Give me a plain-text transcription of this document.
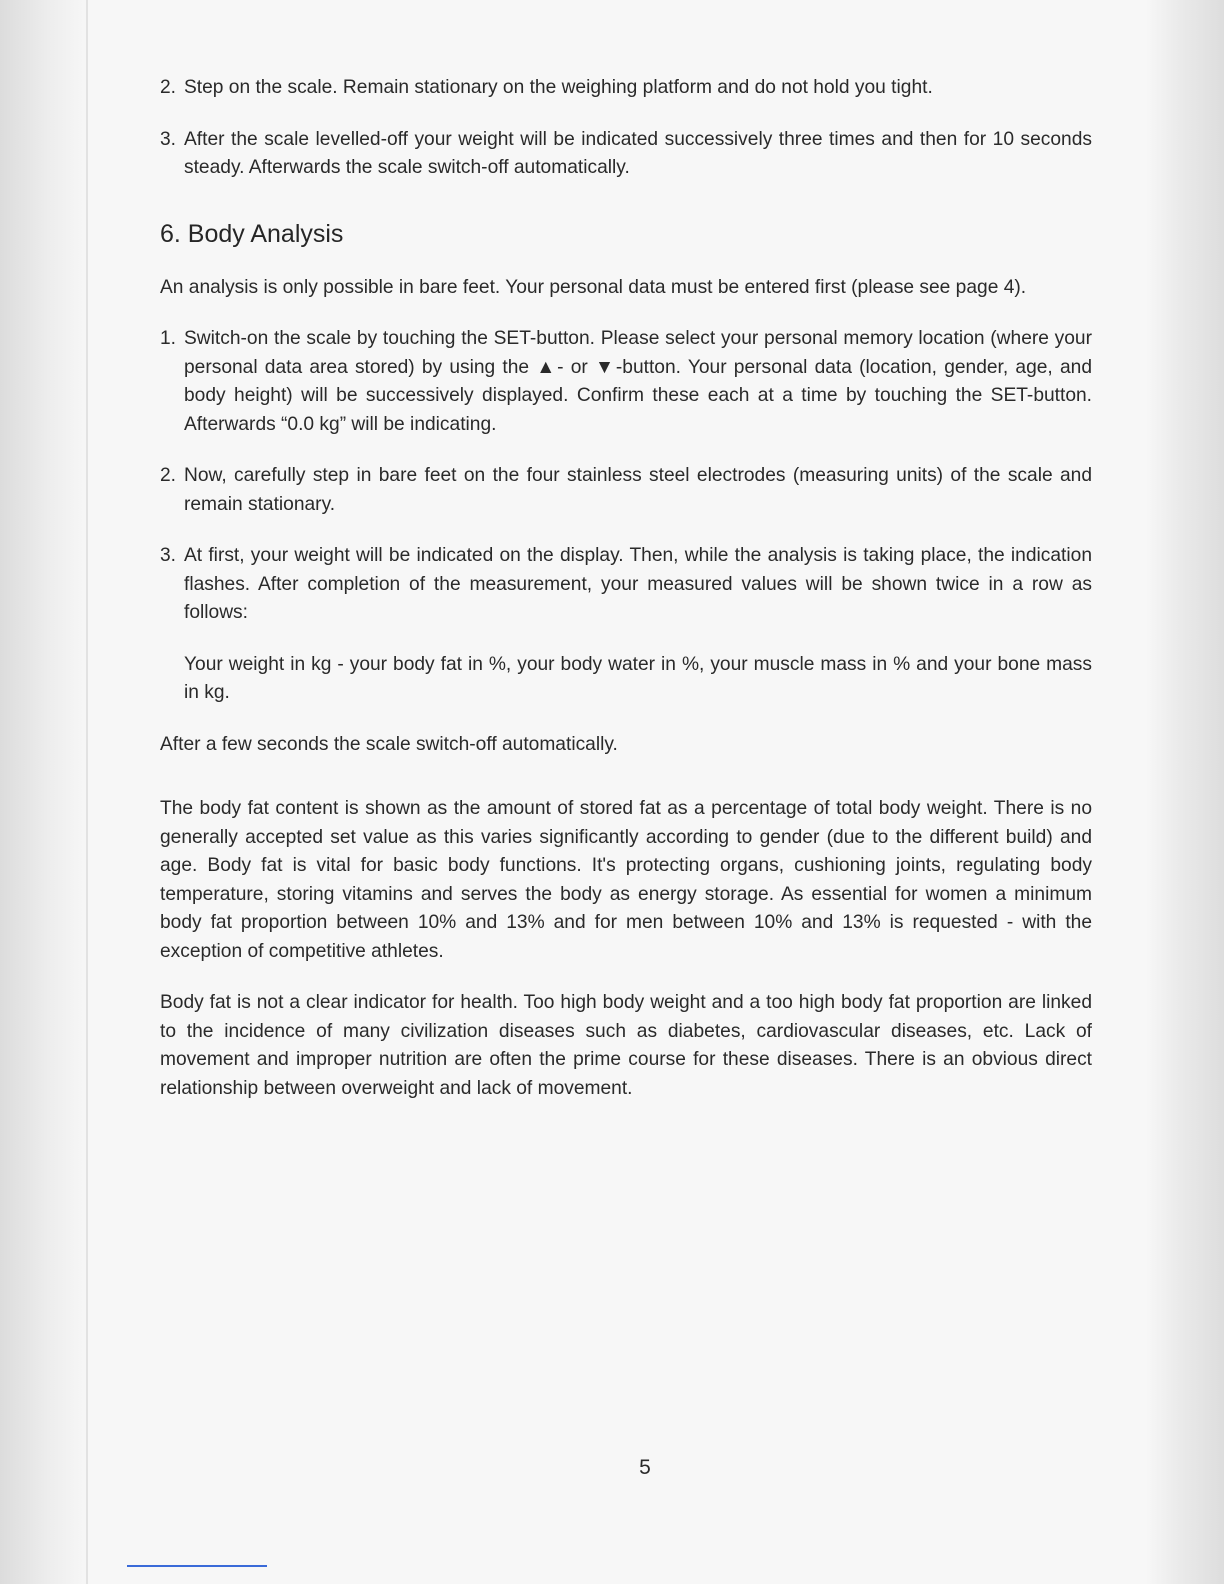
2. Step on the scale. Remain stationary on the weighing platform and do not hold you tight.
3. After the scale levelled-off your weight will be indicated successively three times and then for 10 seconds steady. Afterwards the scale switch-off automatically.
6. Body Analysis

An analysis is only possible in bare feet. Your personal data must be entered first (please see page 4).

1. Switch-on the scale by touching the SET-button. Please select your personal memory location (where your personal data area stored) by using the ▲- or ▼-button. Your personal data (location, gender, age, and body height) will be successively displayed. Confirm these each at a time by touching the SET-button. Afterwards “0.0 kg” will be indicating.
2. Now, carefully step in bare feet on the four stainless steel electrodes (measuring units) of the scale and remain stationary.
3. At first, your weight will be indicated on the display. Then, while the analysis is taking place, the indication flashes. After completion of the measurement, your measured values will be shown twice in a row as follows:

Your weight in kg - your body fat in %, your body water in %, your muscle mass in % and your bone mass in kg.

After a few seconds the scale switch-off automatically.

The body fat content is shown as the amount of stored fat as a percentage of total body weight. There is no generally accepted set value as this varies significantly according to gender (due to the different build) and age. Body fat is vital for basic body functions. It's protecting organs, cushioning joints, regulating body temperature, storing vitamins and serves the body as energy storage. As essential for women a minimum body fat proportion between 10% and 13% and for men between 10% and 13% is requested - with the exception of competitive athletes.

Body fat is not a clear indicator for health. Too high body weight and a too high body fat proportion are linked to the incidence of many civilization diseases such as diabetes, cardiovascular diseases, etc. Lack of movement and improper nutrition are often the prime course for these diseases. There is an obvious direct relationship between overweight and lack of movement.

5
